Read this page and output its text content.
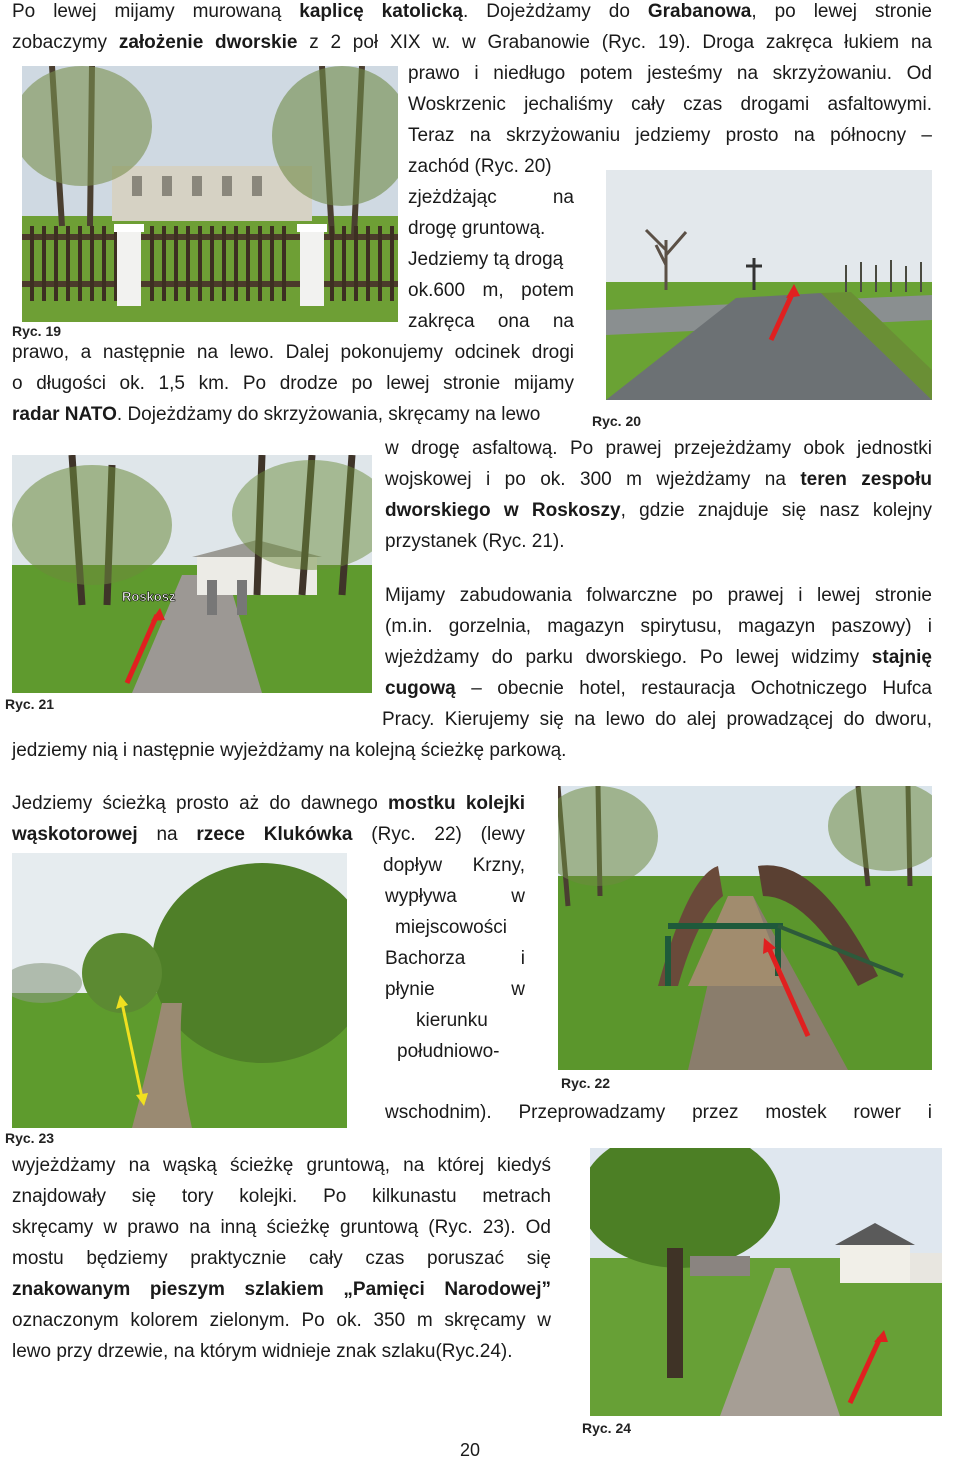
Po lewej mijamy murowaną kaplicę katolicką. Dojeżdżamy do Grabanowa, po lewej stronie
zobaczymy założenie dworskie z 2 poł XIX w. w Grabanowie (Ryc. 19). Droga zakręca łukiem na
prawo i niedługo potem jesteśmy na skrzyżowaniu. Od
Woskrzenic jechaliśmy cały czas drogami asfaltowymi.
Teraz na skrzyżowaniu jedziemy prosto na północny –
zachód (Ryc. 20)
zjeżdżając na
drogę gruntową.
Jedziemy tą drogą
ok.600 m, potem
zakręca ona na
prawo, a następnie na lewo. Dalej pokonujemy odcinek drogi
o długości ok. 1,5 km. Po drodze po lewej stronie mijamy
radar NATO. Dojeżdżamy do skrzyżowania, skręcamy na lewo
w drogę asfaltową. Po prawej przejeżdżamy obok jednostki
wojskowej i po ok. 300 m wjeżdżamy na teren zespołu
dworskiego w Roskoszy, gdzie znajduje się nasz kolejny
przystanek (Ryc. 21).
Mijamy zabudowania folwarczne po prawej i lewej stronie
(m.in. gorzelnia, magazyn spirytusu, magazyn paszowy) i
wjeżdżamy do parku dworskiego. Po lewej widzimy stajnię
cugową – obecnie hotel, restauracja Ochotniczego Hufca
Pracy. Kierujemy się na lewo do alej prowadzącej do dworu,
jedziemy nią i następnie wyjeżdżamy na kolejną ścieżkę parkową.
Jedziemy ścieżką prosto aż do dawnego mostku kolejki
wąskotorowej na rzece Klukówka (Ryc. 22) (lewy
dopływ Krzny,
wypływa w
miejscowości
Bachorza i
płynie w
kierunku
południowo-
wschodnim). Przeprowadzamy przez mostek rower i
wyjeżdżamy na wąską ścieżkę gruntową, na której kiedyś
znajdowały się tory kolejki. Po kilkunastu metrach
skręcamy w prawo na inną ścieżkę gruntową (Ryc. 23). Od
mostu będziemy praktycznie cały czas poruszać się
znakowanym pieszym szlakiem „Pamięci Narodowej”
oznaczonym kolorem zielonym. Po ok. 350 m skręcamy w
lewo przy drzewie, na którym widnieje znak szlaku(Ryc.24).
Ryc. 19
Ryc. 20
Ryc. 21
Ryc. 22
Ryc. 23
Ryc. 24
Roskosz
20
